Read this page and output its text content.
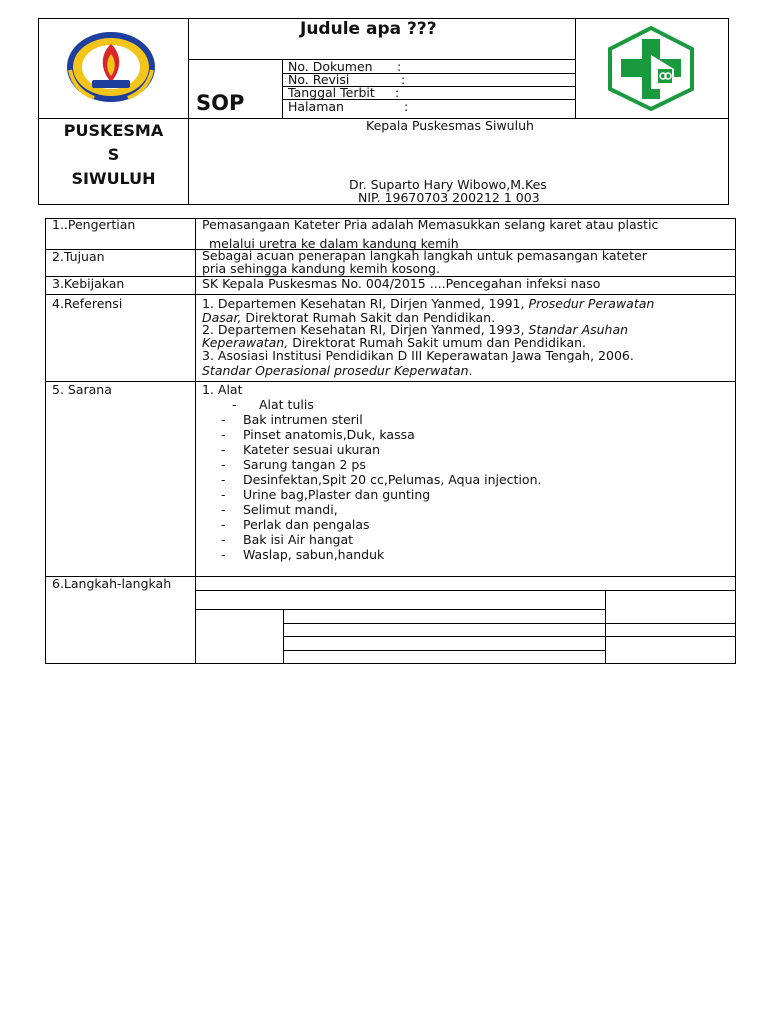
Judule apa ???
SOP
No. Dokumen :
No. Revisi	:
Tanggal Terbit :
Halaman	:
PUSKESMA
S
SIWULUH
Kepala Puskesmas Siwuluh
Dr. Suparto Hary Wibowo,M.Kes
NIP. 19670703 200212 1 003
1..Pengertian	Pemasangaan Kateter Pria adalah Memasukkan selang karet atau plastic
melalui uretra ke dalam kandung kemih
2.Tujuan	Sebagai acuan penerapan langkah langkah untuk pemasangan kateter
pria sehingga kandung kemih kosong.
3.Kebijakan	SK Kepala Puskesmas No. 004/2015 ....Pencegahan infeksi naso
4.Referensi	1. Departemen Kesehatan RI, Dirjen Yanmed, 1991, Prosedur Perawatan
Dasar, Direktorat Rumah Sakit dan Pendidikan.
2. Departemen Kesehatan RI, Dirjen Yanmed, 1993, Standar Asuhan
Keperawatan, Direktorat Rumah Sakit umum dan Pendidikan.
3. Asosiasi Institusi Pendidikan D III Keperawatan Jawa Tengah, 2006.
Standar Operasional prosedur Keperwatan.
5. Sarana	1. Alat
- Alat tulis
- Bak intrumen steril
- Pinset anatomis,Duk, kassa
- Kateter sesuai ukuran
- Sarung tangan 2 ps
- Desinfektan,Spit 20 cc,Pelumas, Aqua injection.
- Urine bag,Plaster dan gunting
- Selimut mandi,
- Perlak dan pengalas
- Bak isi Air hangat
- Waslap, sabun,handuk
6.Langkah-langkah
